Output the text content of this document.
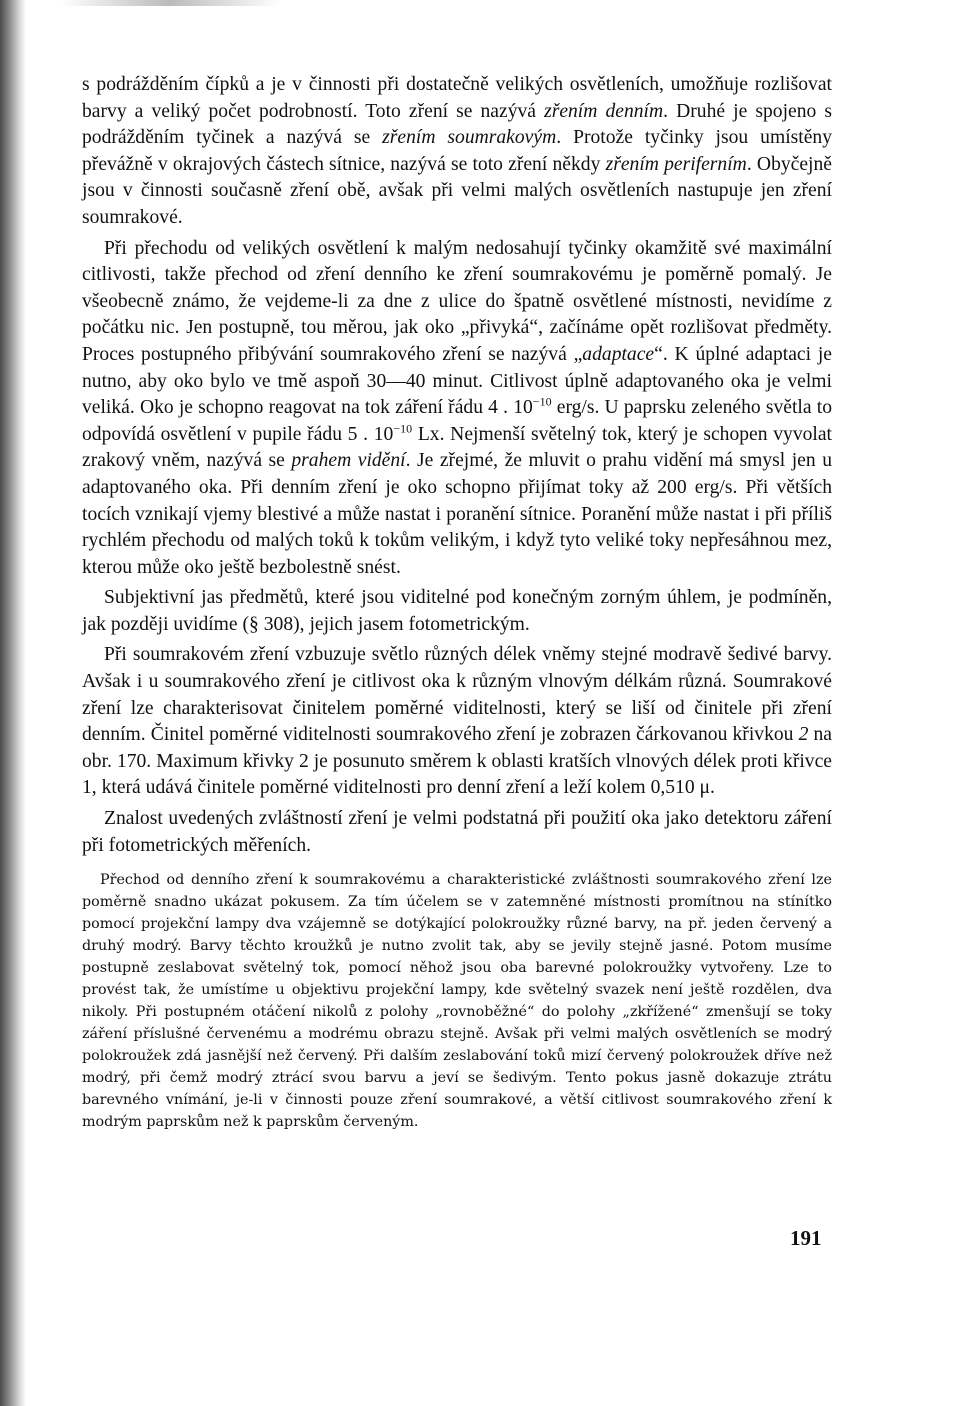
s podrážděním čípků a je v činnosti při dostatečně velikých osvětleních, umožňuje rozlišovat barvy a veliký počet podrobností. Toto zření se nazývá zřením denním. Druhé je spojeno s podrážděním tyčinek a nazývá se zřením soumrakovým. Protože tyčinky jsou umístěny převážně v okrajových částech sítnice, nazývá se toto zření někdy zřením periferním. Obyčejně jsou v činnosti současně zření obě, avšak při velmi malých osvětleních nastupuje jen zření soumrakové.

Při přechodu od velikých osvětlení k malým nedosahují tyčinky okamžitě své maximální citlivosti, takže přechod od zření denního ke zření soumrakovému je poměrně pomalý. Je všeobecně známo, že vejdeme-li za dne z ulice do špatně osvětlené místnosti, nevidíme z počátku nic. Jen postupně, tou měrou, jak oko „přivyká“, začínáme opět rozlišovat předměty. Proces postupného přibývání soumrakového zření se nazývá „adaptace“. K úplné adaptaci je nutno, aby oko bylo ve tmě aspoň 30—40 minut. Citlivost úplně adaptovaného oka je velmi veliká. Oko je schopno reagovat na tok záření řádu 4 . $10^{-10}$ erg/s. U paprsku zeleného světla to odpovídá osvětlení v pupile řádu 5 . $10^{-10}$ Lx. Nejmenší světelný tok, který je schopen vyvolat zrakový vněm, nazývá se prahem vidění. Je zřejmé, že mluvit o prahu vidění má smysl jen u adaptovaného oka. Při denním zření je oko schopno přijímat toky až 200 erg/s. Při větších tocích vznikají vjemy blestivé a může nastat i poranění sítnice. Poranění může nastat i při příliš rychlém přechodu od malých toků k tokům velikým, i když tyto veliké toky nepřesáhnou mez, kterou může oko ještě bezbolestně snést.

Subjektivní jas předmětů, které jsou viditelné pod konečným zorným úhlem, je podmíněn, jak později uvidíme (§ 308), jejich jasem fotometrickým.

Při soumrakovém zření vzbuzuje světlo různých délek vněmy stejné modravě šedivé barvy. Avšak i u soumrakového zření je citlivost oka k různým vlnovým délkám různá. Soumrakové zření lze charakterisovat činitelem poměrné viditelnosti, který se liší od činitele při zření denním. Činitel poměrné viditelnosti soumrakového zření je zobrazen čárkovanou křivkou 2 na obr. 170. Maximum křivky 2 je posunuto směrem k oblasti kratších vlnových délek proti křivce 1, která udává činitele poměrné viditelnosti pro denní zření a leží kolem 0,510 μ.

Znalost uvedených zvláštností zření je velmi podstatná při použití oka jako detektoru záření při fotometrických měřeních.

Přechod od denního zření k soumrakovému a charakteristické zvláštnosti soumrakového zření lze poměrně snadno ukázat pokusem. Za tím účelem se v zatemněné místnosti promítnou na stínítko pomocí projekční lampy dva vzájemně se dotýkající polokroužky různé barvy, na př. jeden červený a druhý modrý. Barvy těchto kroužků je nutno zvolit tak, aby se jevily stejně jasné. Potom musíme postupně zeslabovat světelný tok, pomocí něhož jsou oba barevné polokroužky vytvořeny. Lze to provést tak, že umístíme u objektivu projekční lampy, kde světelný svazek není ještě rozdělen, dva nikoly. Při postupném otáčení nikolů z polohy „rovnoběžné“ do polohy „zkřížené“ zmenšují se toky záření příslušné červenému a modrému obrazu stejně. Avšak při velmi malých osvětleních se modrý polokroužek zdá jasnější než červený. Při dalším zeslabování toků mizí červený polokroužek dříve než modrý, při čemž modrý ztrácí svou barvu a jeví se šedivým. Tento pokus jasně dokazuje ztrátu barevného vnímání, je-li v činnosti pouze zření soumrakové, a větší citlivost soumrakového zření k modrým paprskům než k paprskům červeným.
191
